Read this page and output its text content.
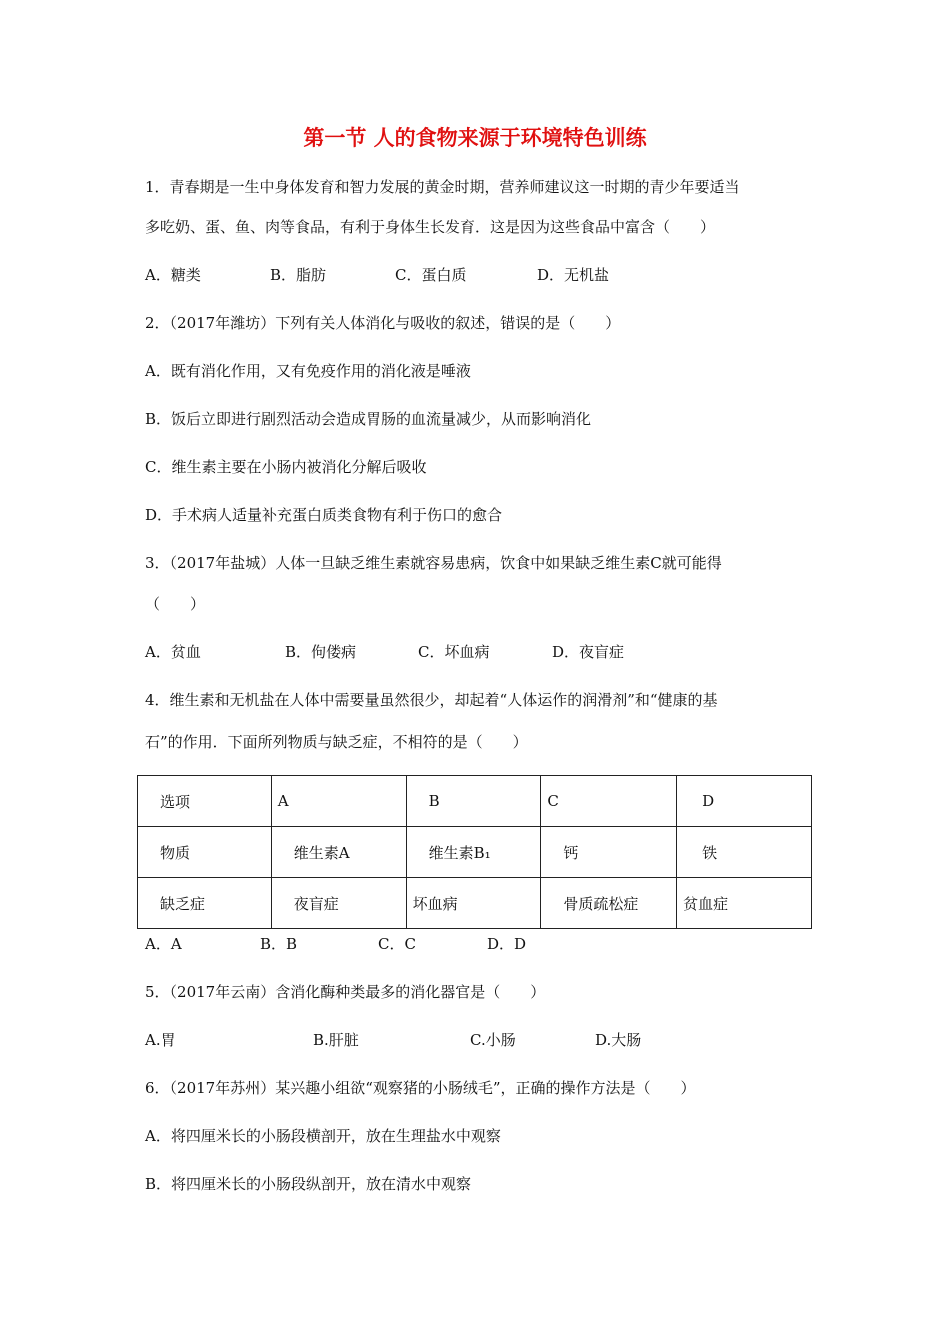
第一节 人的食物来源于环境特色训练
1．青春期是一生中身体发育和智力发展的黄金时期，营养师建议这一时期的青少年要适当
多吃奶、蛋、鱼、肉等食品，有利于身体生长发育．这是因为这些食品中富含（　　）
A．糖类	B．脂肪	C．蛋白质	D．无机盐
2．（2017年潍坊）下列有关人体消化与吸收的叙述，错误的是（　　）
A．既有消化作用，又有免疫作用的消化液是唾液
B．饭后立即进行剧烈活动会造成胃肠的血流量减少，从而影响消化
C．维生素主要在小肠内被消化分解后吸收
D．手术病人适量补充蛋白质类食物有利于伤口的愈合
3．（2017年盐城）人体一旦缺乏维生素就容易患病，饮食中如果缺乏维生素C就可能得
（　　）
A．贫血	B．佝偻病	C．坏血病	D．夜盲症
4．维生素和无机盐在人体中需要量虽然很少，却起着“人体运作的润滑剂”和“健康的基
石”的作用．下面所列物质与缺乏症，不相符的是（　　）
选项	A	B	C	D
物质	维生素A	维生素B₁	钙	铁
缺乏症	夜盲症	坏血病	骨质疏松症	贫血症
A．A	B．B	C．C	D．D
5．（2017年云南）含消化酶种类最多的消化器官是（　　）
A.胃	B.肝脏	C.小肠	D.大肠
6．（2017年苏州）某兴趣小组欲“观察猪的小肠绒毛”，正确的操作方法是（　　）
A．将四厘米长的小肠段横剖开，放在生理盐水中观察
B．将四厘米长的小肠段纵剖开，放在清水中观察
